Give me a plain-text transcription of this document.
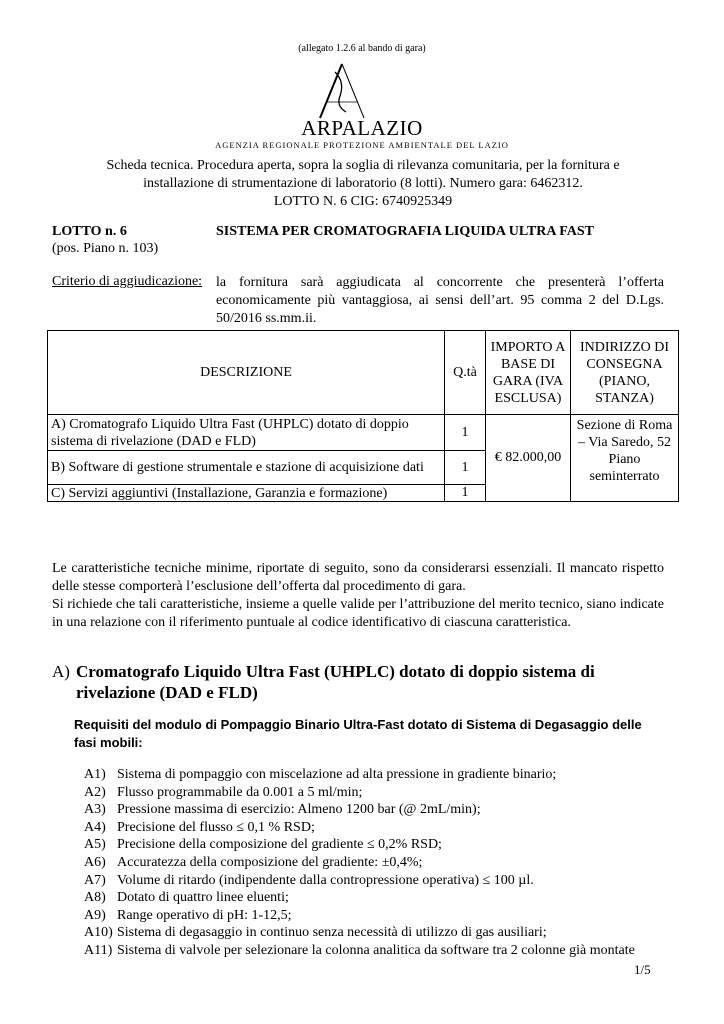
(allegato 1.2.6 al bando di gara)
ARPALAZIO
AGENZIA REGIONALE PROTEZIONE AMBIENTALE DEL LAZIO
Scheda tecnica. Procedura aperta, sopra la soglia di rilevanza comunitaria, per la fornitura e
installazione di strumentazione di laboratorio (8 lotti). Numero gara: 6462312.
LOTTO N. 6 CIG: 6740925349
LOTTO n. 6	SISTEMA PER CROMATOGRAFIA LIQUIDA ULTRA FAST
(pos. Piano n. 103)
Criterio di aggiudicazione: la fornitura sarà aggiudicata al concorrente che presenterà l’offerta economicamente più vantaggiosa, ai sensi dell’art. 95 comma 2 del D.Lgs. 50/2016 ss.mm.ii.
DESCRIZIONE	Q.tà	IMPORTO A BASE DI GARA (IVA ESCLUSA)	INDIRIZZO DI CONSEGNA (PIANO, STANZA)
A) Cromatografo Liquido Ultra Fast (UHPLC) dotato di doppio sistema di rivelazione (DAD e FLD)	1	€ 82.000,00	Sezione di Roma – Via Saredo, 52 Piano seminterrato
B) Software di gestione strumentale e stazione di acquisizione dati	1		
C) Servizi aggiuntivi (Installazione, Garanzia e formazione)	1		
Le caratteristiche tecniche minime, riportate di seguito, sono da considerarsi essenziali. Il mancato rispetto delle stesse comporterà l’esclusione dell’offerta dal procedimento di gara.
Si richiede che tali caratteristiche, insieme a quelle valide per l’attribuzione del merito tecnico, siano indicate in una relazione con il riferimento puntuale al codice identificativo di ciascuna caratteristica.
A) Cromatografo Liquido Ultra Fast (UHPLC) dotato di doppio sistema di rivelazione (DAD e FLD)
Requisiti del modulo di Pompaggio Binario Ultra-Fast dotato di Sistema di Degasaggio delle fasi mobili:
A1) Sistema di pompaggio con miscelazione ad alta pressione in gradiente binario;
A2) Flusso programmabile da 0.001 a 5 ml/min;
A3) Pressione massima di esercizio: Almeno 1200 bar (@ 2mL/min);
A4) Precisione del flusso ≤ 0,1 % RSD;
A5) Precisione della composizione del gradiente ≤ 0,2% RSD;
A6) Accuratezza della composizione del gradiente: ±0,4%;
A7) Volume di ritardo (indipendente dalla contropressione operativa) ≤ 100 µl.
A8) Dotato di quattro linee eluenti;
A9) Range operativo di pH: 1-12,5;
A10) Sistema di degasaggio in continuo senza necessità di utilizzo di gas ausiliari;
A11) Sistema di valvole per selezionare la colonna analitica da software tra 2 colonne già montate
1/5
